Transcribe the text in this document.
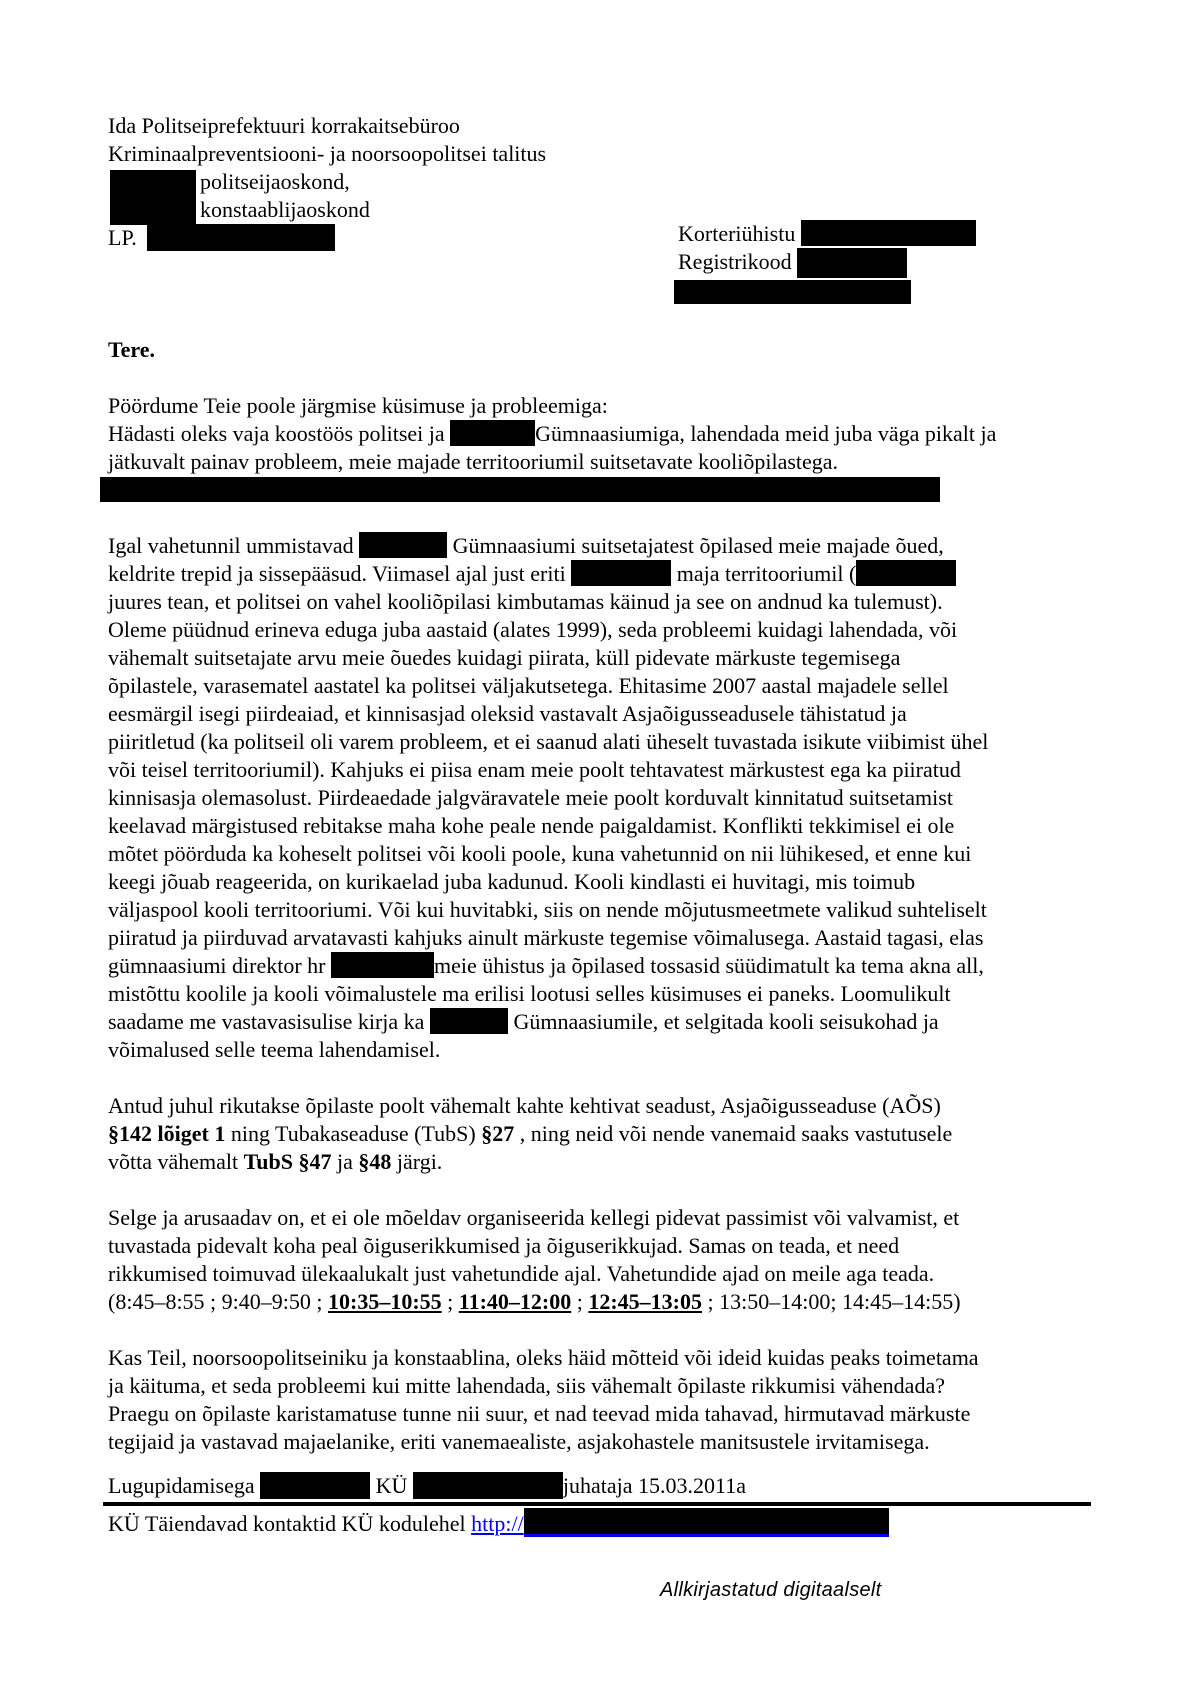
Ida Politseiprefektuuri korrakaitsebüroo
Kriminaalpreventsiooni- ja noorsoopolitsei talitus
politseijaoskond,
konstaablijaoskond
LP.	Korteriühistu
Registrikood
Tere.
Pöördume Teie poole järgmise küsimuse ja probleemiga:
Hädasti oleks vaja koostöös politsei ja	Gümnaasiumiga, lahendada meid juba väga pikalt ja
jätkuvalt painav probleem, meie majade territooriumil suitsetavate kooliõpilastega.
Igal vahetunnil ummistavad	Gümnaasiumi suitsetajatest õpilased meie majade õued,
keldrite trepid ja sissepääsud. Viimasel ajal just eriti	maja territooriumil (
juures tean, et politsei on vahel kooliõpilasi kimbutamas käinud ja see on andnud ka tulemust).
Oleme püüdnud erineva eduga juba aastaid (alates 1999), seda probleemi kuidagi lahendada, või
vähemalt suitsetajate arvu meie õuedes kuidagi piirata, küll pidevate märkuste tegemisega
õpilastele, varasematel aastatel ka politsei väljakutsetega. Ehitasime 2007 aastal majadele sellel
eesmärgil isegi piirdeaiad, et kinnisasjad oleksid vastavalt Asjaõigusseadusele tähistatud ja
piiritletud (ka politseil oli varem probleem, et ei saanud alati üheselt tuvastada isikute viibimist ühel
või teisel territooriumil). Kahjuks ei piisa enam meie poolt tehtavatest märkustest ega ka piiratud
kinnisasja olemasolust. Piirdeaedade jalgväravatele meie poolt korduvalt kinnitatud suitsetamist
keelavad märgistused rebitakse maha kohe peale nende paigaldamist. Konflikti tekkimisel ei ole
mõtet pöörduda ka koheselt politsei või kooli poole, kuna vahetunnid on nii lühikesed, et enne kui
keegi jõuab reageerida, on kurikaelad juba kadunud. Kooli kindlasti ei huvitagi, mis toimub
väljaspool kooli territooriumi. Või kui huvitabki, siis on nende mõjutusmeetmete valikud suhteliselt
piiratud ja piirduvad arvatavasti kahjuks ainult märkuste tegemise võimalusega. Aastaid tagasi, elas
gümnaasiumi direktor hr	meie ühistus ja õpilased tossasid süüdimatult ka tema akna all,
mistõttu koolile ja kooli võimalustele ma erilisi lootusi selles küsimuses ei paneks. Loomulikult
saadame me vastavasisulise kirja ka	Gümnaasiumile, et selgitada kooli seisukohad ja
võimalused selle teema lahendamisel.
Antud juhul rikutakse õpilaste poolt vähemalt kahte kehtivat seadust, Asjaõigusseaduse (AÕS)
§142 lõiget 1 ning Tubakaseaduse (TubS) §27 , ning neid või nende vanemaid saaks vastutusele
võtta vähemalt TubS §47 ja §48 järgi.
Selge ja arusaadav on, et ei ole mõeldav organiseerida kellegi pidevat passimist või valvamist, et
tuvastada pidevalt koha peal õiguserikkumised ja õiguserikkujad. Samas on teada, et need
rikkumised toimuvad ülekaalukalt just vahetundide ajal. Vahetundide ajad on meile aga teada.
(8:45–8:55 ; 9:40–9:50 ; 10:35–10:55 ; 11:40–12:00 ; 12:45–13:05 ; 13:50–14:00; 14:45–14:55)
Kas Teil, noorsoopolitseiniku ja konstaablina, oleks häid mõtteid või ideid kuidas peaks toimetama
ja käituma, et seda probleemi kui mitte lahendada, siis vähemalt õpilaste rikkumisi vähendada?
Praegu on õpilaste karistamatuse tunne nii suur, et nad teevad mida tahavad, hirmutavad märkuste
tegijaid ja vastavad majaelanike, eriti vanemaealiste, asjakohastele manitsustele irvitamisega.
Lugupidamisega	KÜ	juhataja 15.03.2011a
KÜ Täiendavad kontaktid KÜ kodulehel http://
Allkirjastatud digitaalselt
